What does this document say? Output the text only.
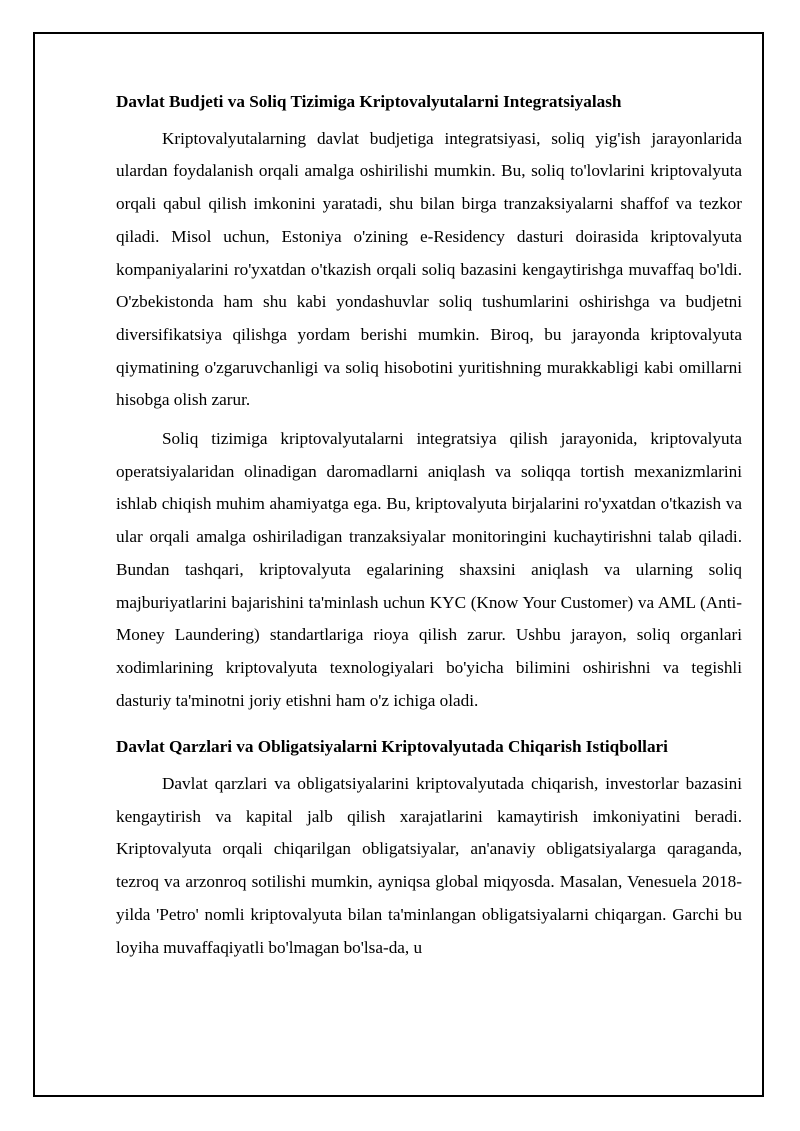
Davlat Budjeti va Soliq Tizimiga Kriptovalyutalarni Integratsiyalash

Kriptovalyutalarning davlat budjetiga integratsiyasi, soliq yig'ish jarayonlarida ulardan foydalanish orqali amalga oshirilishi mumkin. Bu, soliq to'lovlarini kriptovalyuta orqali qabul qilish imkonini yaratadi, shu bilan birga tranzaksiyalarni shaffof va tezkor qiladi. Misol uchun, Estoniya o'zining e-Residency dasturi doirasida kriptovalyuta kompaniyalarini ro'yxatdan o'tkazish orqali soliq bazasini kengaytirishga muvaffaq bo'ldi. O'zbekistonda ham shu kabi yondashuvlar soliq tushumlarini oshirishga va budjetni diversifikatsiya qilishga yordam berishi mumkin. Biroq, bu jarayonda kriptovalyuta qiymatining o'zgaruvchanligi va soliq hisobotini yuritishning murakkabligi kabi omillarni hisobga olish zarur.

Soliq tizimiga kriptovalyutalarni integratsiya qilish jarayonida, kriptovalyuta operatsiyalaridan olinadigan daromadlarni aniqlash va soliqqa tortish mexanizmlarini ishlab chiqish muhim ahamiyatga ega. Bu, kriptovalyuta birjalarini ro'yxatdan o'tkazish va ular orqali amalga oshiriladigan tranzaksiyalar monitoringini kuchaytirishni talab qiladi. Bundan tashqari, kriptovalyuta egalarining shaxsini aniqlash va ularning soliq majburiyatlarini bajarishini ta'minlash uchun KYC (Know Your Customer) va AML (Anti-Money Laundering) standartlariga rioya qilish zarur. Ushbu jarayon, soliq organlari xodimlarining kriptovalyuta texnologiyalari bo'yicha bilimini oshirishni va tegishli dasturiy ta'minotni joriy etishni ham o'z ichiga oladi.

Davlat Qarzlari va Obligatsiyalarni Kriptovalyutada Chiqarish Istiqbollari

Davlat qarzlari va obligatsiyalarini kriptovalyutada chiqarish, investorlar bazasini kengaytirish va kapital jalb qilish xarajatlarini kamaytirish imkoniyatini beradi. Kriptovalyuta orqali chiqarilgan obligatsiyalar, an'anaviy obligatsiyalarga qaraganda, tezroq va arzonroq sotilishi mumkin, ayniqsa global miqyosda. Masalan, Venesuela 2018-yilda 'Petro' nomli kriptovalyuta bilan ta'minlangan obligatsiyalarni chiqargan. Garchi bu loyiha muvaffaqiyatli bo'lmagan bo'lsa-da, u
